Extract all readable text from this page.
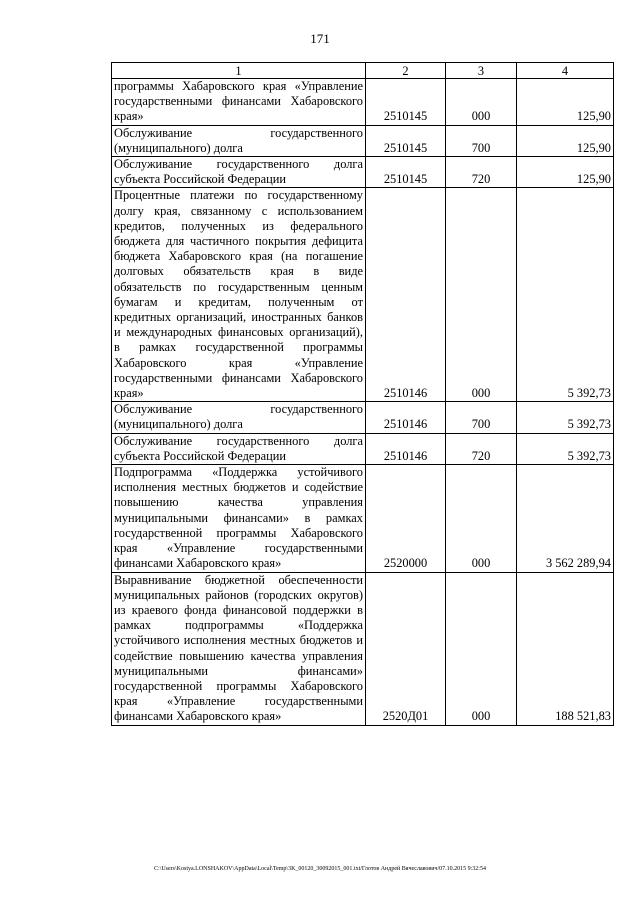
171
1	2	3	4
программы Хабаровского края «Управление государственными финансами Хабаровского края»	2510145	000	125,90
Обслуживание государственного (муниципального) долга	2510145	700	125,90
Обслуживание государственного долга субъекта Российской Федерации	2510145	720	125,90
Процентные платежи по государственному долгу края, связанному с использованием кредитов, полученных из федерального бюджета для частичного покрытия дефицита бюджета Хабаровского края (на погашение долговых обязательств края в виде обязательств по государственным ценным бумагам и кредитам, полученным от кредитных организаций, иностранных банков и международных финансовых организаций), в рамках государственной программы Хабаровского края «Управление государственными финансами Хабаровского края»	2510146	000	5 392,73
Обслуживание государственного (муниципального) долга	2510146	700	5 392,73
Обслуживание государственного долга субъекта Российской Федерации	2510146	720	5 392,73
Подпрограмма «Поддержка устойчивого исполнения местных бюджетов и содействие повышению качества управления муниципальными финансами» в рамках государственной программы Хабаровского края «Управление государственными финансами Хабаровского края»	2520000	000	3 562 289,94
Выравнивание бюджетной обеспеченности муниципальных районов (городских округов) из краевого фонда финансовой поддержки в рамках подпрограммы «Поддержка устойчивого исполнения местных бюджетов и содействие повышению качества управления муниципальными финансами» государственной программы Хабаровского края «Управление государственными финансами Хабаровского края»	2520Д01	000	188 521,83
C:\Users\Kostya.LONSHAKOV\AppData\Local\Temp\3K_00120_30092015_001.txt/Глотов Андрей Вячеславович/07.10.2015 9:32:54
